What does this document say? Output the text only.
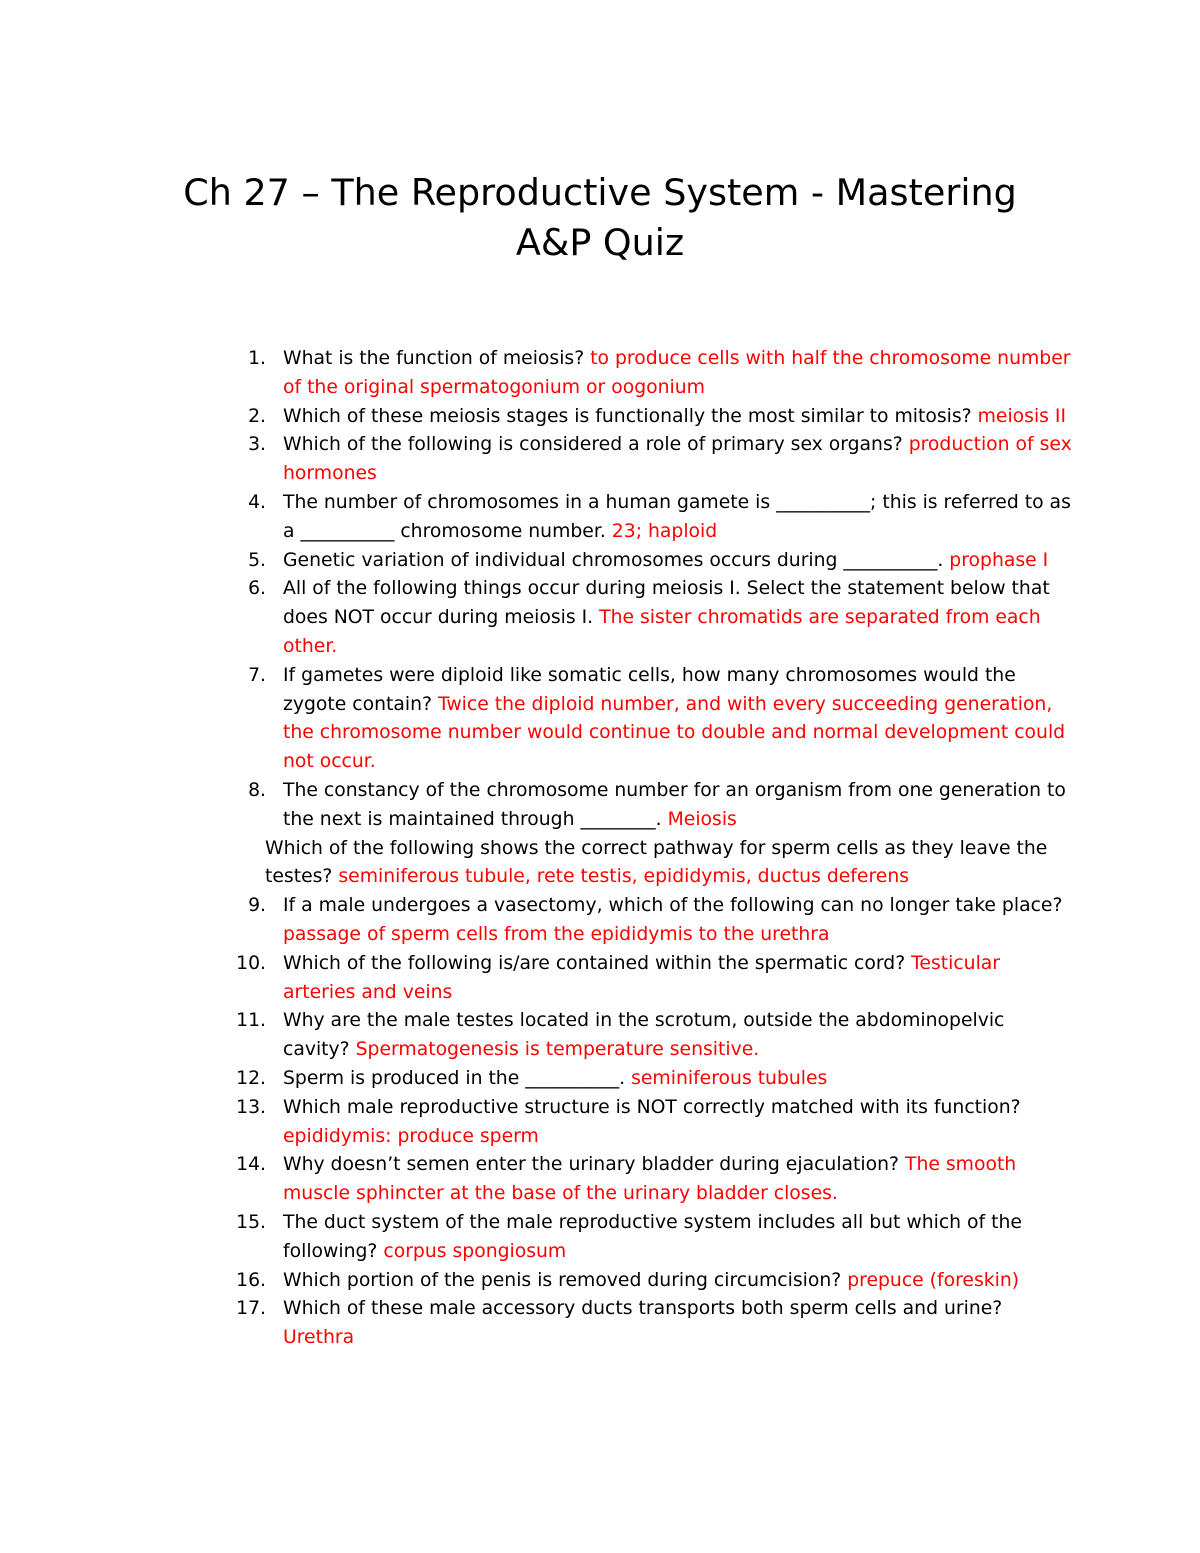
Ch 27 – The Reproductive System - Mastering
A&P Quiz
1. What is the function of meiosis? to produce cells with half the chromosome number of the original spermatogonium or oogonium
2. Which of these meiosis stages is functionally the most similar to mitosis? meiosis II
3. Which of the following is considered a role of primary sex organs? production of sex hormones
4. The number of chromosomes in a human gamete is __________; this is referred to as a __________ chromosome number. 23; haploid
5. Genetic variation of individual chromosomes occurs during __________. prophase I
6. All of the following things occur during meiosis I. Select the statement below that does NOT occur during meiosis I. The sister chromatids are separated from each other.
7. If gametes were diploid like somatic cells, how many chromosomes would the zygote contain? Twice the diploid number, and with every succeeding generation, the chromosome number would continue to double and normal development could not occur.
8. The constancy of the chromosome number for an organism from one generation to the next is maintained through ________. Meiosis
Which of the following shows the correct pathway for sperm cells as they leave the testes? seminiferous tubule, rete testis, epididymis, ductus deferens
9. If a male undergoes a vasectomy, which of the following can no longer take place? passage of sperm cells from the epididymis to the urethra
10. Which of the following is/are contained within the spermatic cord? Testicular arteries and veins
11. Why are the male testes located in the scrotum, outside the abdominopelvic cavity? Spermatogenesis is temperature sensitive.
12. Sperm is produced in the __________. seminiferous tubules
13. Which male reproductive structure is NOT correctly matched with its function? epididymis: produce sperm
14. Why doesn’t semen enter the urinary bladder during ejaculation? The smooth muscle sphincter at the base of the urinary bladder closes.
15. The duct system of the male reproductive system includes all but which of the following? corpus spongiosum
16. Which portion of the penis is removed during circumcision? prepuce (foreskin)
17. Which of these male accessory ducts transports both sperm cells and urine? Urethra
